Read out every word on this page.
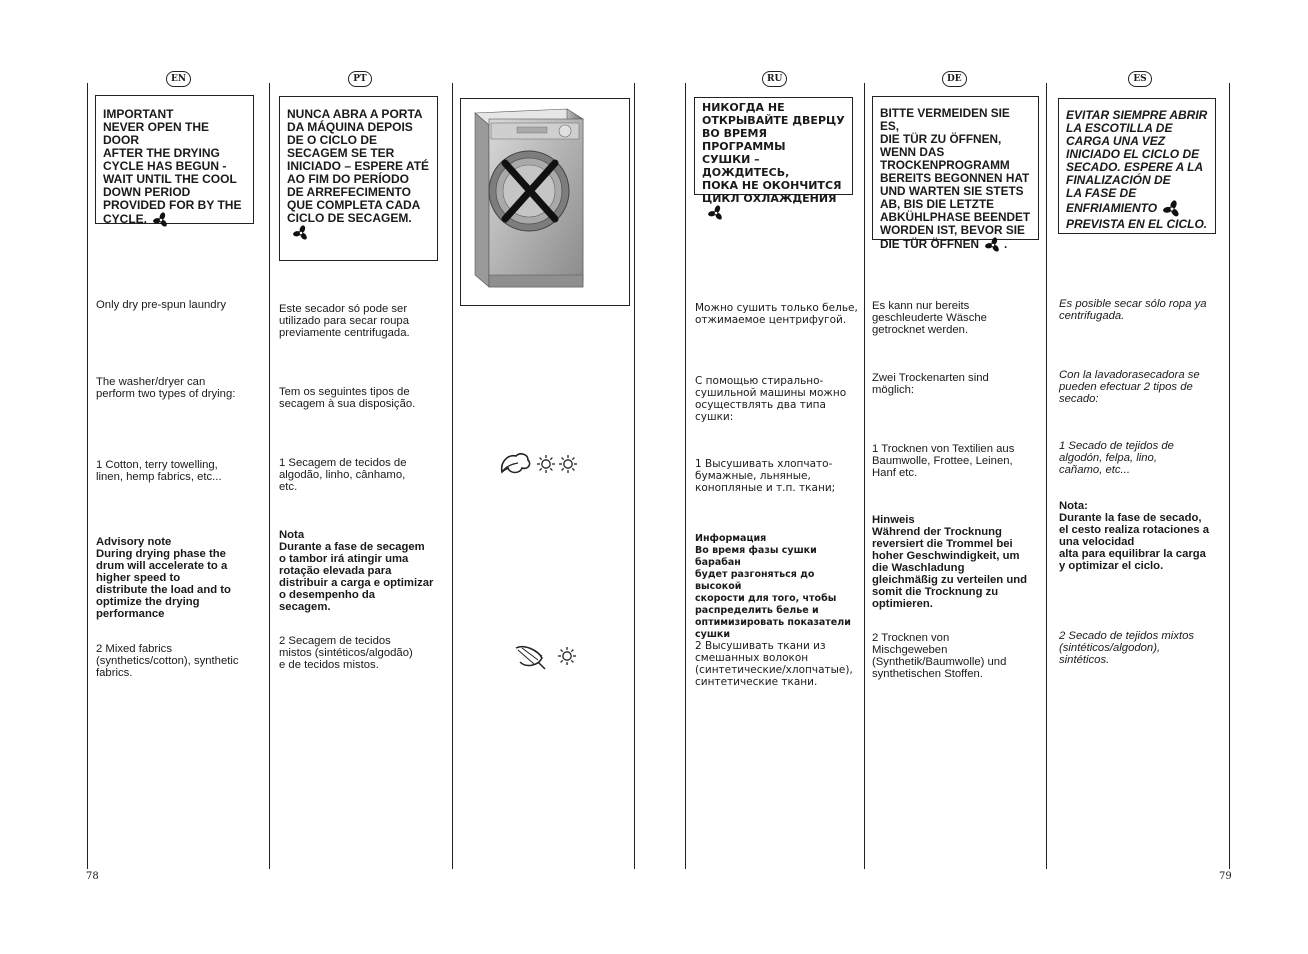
EN	PT	RU	DE	ES
IMPORTANT
NEVER OPEN THE DOOR
AFTER THE DRYING
CYCLE HAS BEGUN -
WAIT UNTIL THE COOL
DOWN PERIOD
PROVIDED FOR BY THE
CYCLE.
Only dry pre-spun laundry
The washer/dryer can
perform two types of drying:
1 Cotton, terry towelling,
linen, hemp fabrics, etc...
Advisory note
During drying phase the
drum will accelerate to a
higher speed to
distribute the load and to
optimize the drying
performance
2 Mixed fabrics
(synthetics/cotton), synthetic
fabrics.
NUNCA ABRA A PORTA
DA MÁQUINA DEPOIS
DE O CICLO DE
SECAGEM SE TER
INICIADO – ESPERE ATÉ
AO FIM DO PERÍODO
DE ARREFECIMENTO
QUE COMPLETA CADA
CICLO DE SECAGEM.
Este secador só pode ser
utilizado para secar roupa
previamente centrifugada.
Tem os seguintes tipos de
secagem à sua disposição.
1 Secagem de tecidos de
algodão, linho, cânhamo,
etc.
Nota
Durante a fase de secagem
o tambor irá atingir uma
rotação elevada para
distribuir a carga e optimizar
o desempenho da
secagem.
2 Secagem de tecidos
mistos (sintéticos/algodão)
e de tecidos mistos.
НИКОГДА НЕ
ОТКРЫВАЙТЕ ДВЕРЦУ
ВО ВРЕМЯ ПРОГРАММЫ
СУШКИ – ДОЖДИТЕСЬ,
ПОКА НЕ ОКОНЧИТСЯ
ЦИКЛ ОХЛАЖДЕНИЯ
Можно сушить только белье,
отжимаемое центрифугой.
С помощью стирально-
сушильной машины можно
осуществлять два типа
сушки:
1 Высушивать хлопчато-
бумажные, льняные,
конопляные и т.п. ткани;
Информация
Во время фазы сушки барабан
будет разгоняться до высокой
скорости для того, чтобы
распределить белье и
оптимизировать показатели
сушки
2 Высушивать ткани из
смешанных волокон
(синтетические/хлопчатые),
синтетические ткани.
BITTE VERMEIDEN SIE ES,
DIE TÜR ZU ÖFFNEN,
WENN DAS
TROCKENPROGRAMM
BEREITS BEGONNEN HAT
UND WARTEN SIE STETS
AB, BIS DIE LETZTE
ABKÜHLPHASE BEENDET
WORDEN IST, BEVOR SIE
DIE TÜR ÖFFNEN .
Es kann nur bereits
geschleuderte Wäsche
getrocknet werden.
Zwei Trockenarten sind
möglich:
1 Trocknen von Textilien aus
Baumwolle, Frottee, Leinen,
Hanf etc.
Hinweis
Während der Trocknung
reversiert die Trommel bei
hoher Geschwindigkeit, um
die Waschladung
gleichmäßig zu verteilen und
somit die Trocknung zu
optimieren.
2 Trocknen von
Mischgeweben
(Synthetik/Baumwolle) und
synthetischen Stoffen.
EVITAR SIEMPRE ABRIR
LA ESCOTILLA DE
CARGA UNA VEZ
INICIADO EL CICLO DE
SECADO. ESPERE A LA
FINALIZACIÓN DE
LA FASE DE
ENFRIAMIENTO
PREVISTA EN EL CICLO.
Es posible secar sólo ropa ya
centrifugada.
Con la lavadorasecadora se
pueden efectuar 2 tipos de
secado:
1 Secado de tejidos de
algodón, felpa, lino,
cañamo, etc...
Nota:
Durante la fase de secado,
el cesto realiza rotaciones a
una velocidad
alta para equilibrar la carga
y optimizar el ciclo.
2 Secado de tejidos mixtos
(sintéticos/algodon),
sintéticos.
78	79
